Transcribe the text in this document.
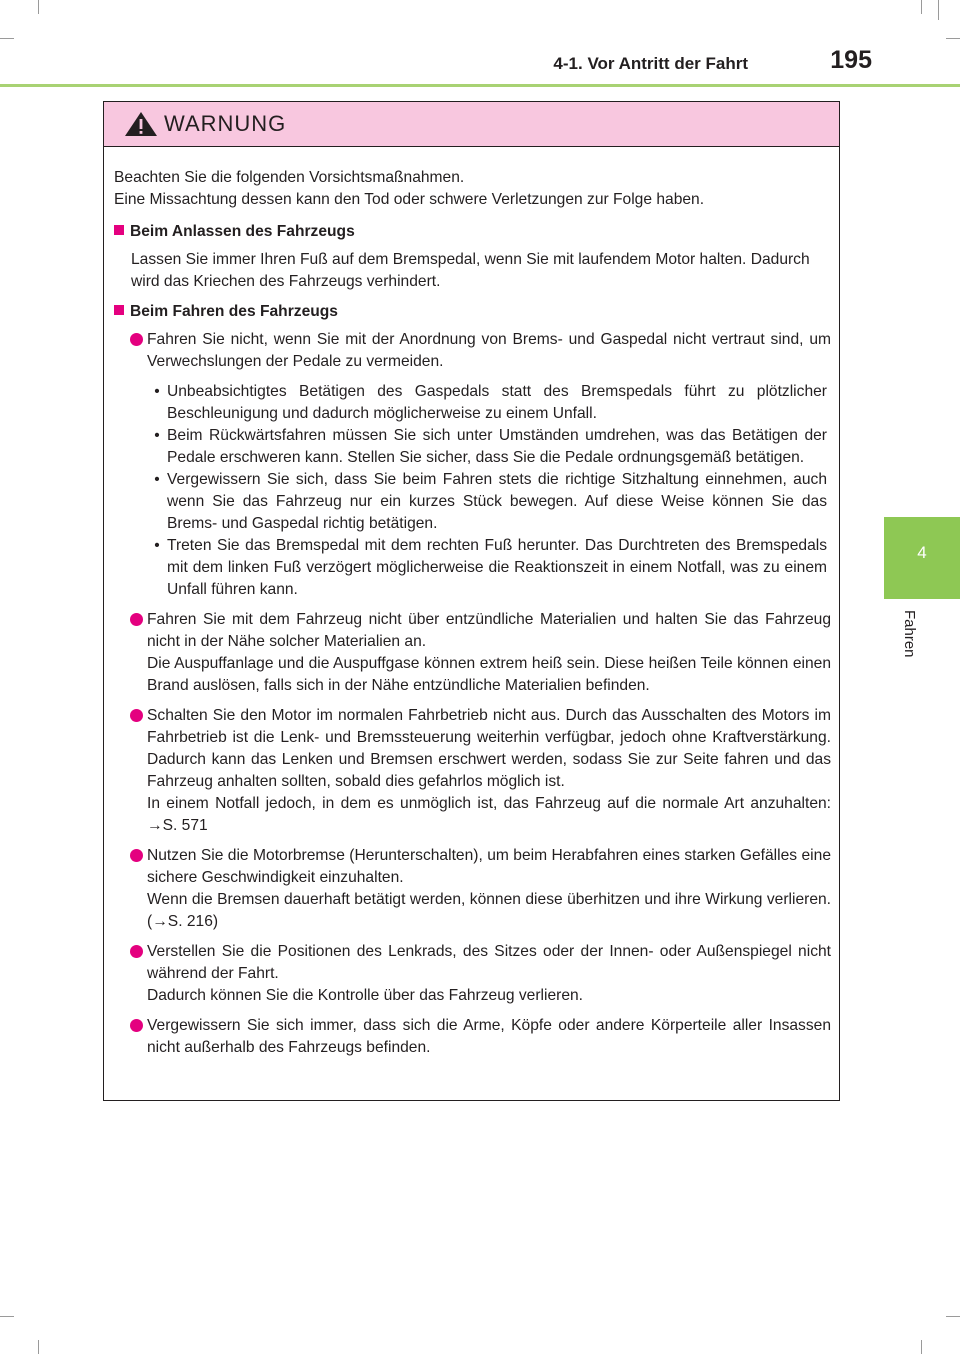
4-1. Vor Antritt der Fahrt	195
4
Fahren
WARNUNG
Beachten Sie die folgenden Vorsichtsmaßnahmen.
Eine Missachtung dessen kann den Tod oder schwere Verletzungen zur Folge haben.
Beim Anlassen des Fahrzeugs
Lassen Sie immer Ihren Fuß auf dem Bremspedal, wenn Sie mit laufendem Motor halten. Dadurch wird das Kriechen des Fahrzeugs verhindert.
Beim Fahren des Fahrzeugs
Fahren Sie nicht, wenn Sie mit der Anordnung von Brems- und Gaspedal nicht vertraut sind, um Verwechslungen der Pedale zu vermeiden.
• Unbeabsichtigtes Betätigen des Gaspedals statt des Bremspedals führt zu plötzlicher Beschleunigung und dadurch möglicherweise zu einem Unfall.
• Beim Rückwärtsfahren müssen Sie sich unter Umständen umdrehen, was das Betätigen der Pedale erschweren kann. Stellen Sie sicher, dass Sie die Pedale ordnungsgemäß betätigen.
• Vergewissern Sie sich, dass Sie beim Fahren stets die richtige Sitzhaltung einnehmen, auch wenn Sie das Fahrzeug nur ein kurzes Stück bewegen. Auf diese Weise können Sie das Brems- und Gaspedal richtig betätigen.
• Treten Sie das Bremspedal mit dem rechten Fuß herunter. Das Durchtreten des Bremspedals mit dem linken Fuß verzögert möglicherweise die Reaktionszeit in einem Notfall, was zu einem Unfall führen kann.
Fahren Sie mit dem Fahrzeug nicht über entzündliche Materialien und halten Sie das Fahrzeug nicht in der Nähe solcher Materialien an.
Die Auspuffanlage und die Auspuffgase können extrem heiß sein. Diese heißen Teile können einen Brand auslösen, falls sich in der Nähe entzündliche Materialien befinden.
Schalten Sie den Motor im normalen Fahrbetrieb nicht aus. Durch das Ausschalten des Motors im Fahrbetrieb ist die Lenk- und Bremssteuerung weiterhin verfügbar, jedoch ohne Kraftverstärkung. Dadurch kann das Lenken und Bremsen erschwert werden, sodass Sie zur Seite fahren und das Fahrzeug anhalten sollten, sobald dies gefahrlos möglich ist.
In einem Notfall jedoch, in dem es unmöglich ist, das Fahrzeug auf die normale Art anzuhalten: →S. 571
Nutzen Sie die Motorbremse (Herunterschalten), um beim Herabfahren eines starken Gefälles eine sichere Geschwindigkeit einzuhalten.
Wenn die Bremsen dauerhaft betätigt werden, können diese überhitzen und ihre Wirkung verlieren. (→S. 216)
Verstellen Sie die Positionen des Lenkrads, des Sitzes oder der Innen- oder Außenspiegel nicht während der Fahrt.
Dadurch können Sie die Kontrolle über das Fahrzeug verlieren.
Vergewissern Sie sich immer, dass sich die Arme, Köpfe oder andere Körperteile aller Insassen nicht außerhalb des Fahrzeugs befinden.
